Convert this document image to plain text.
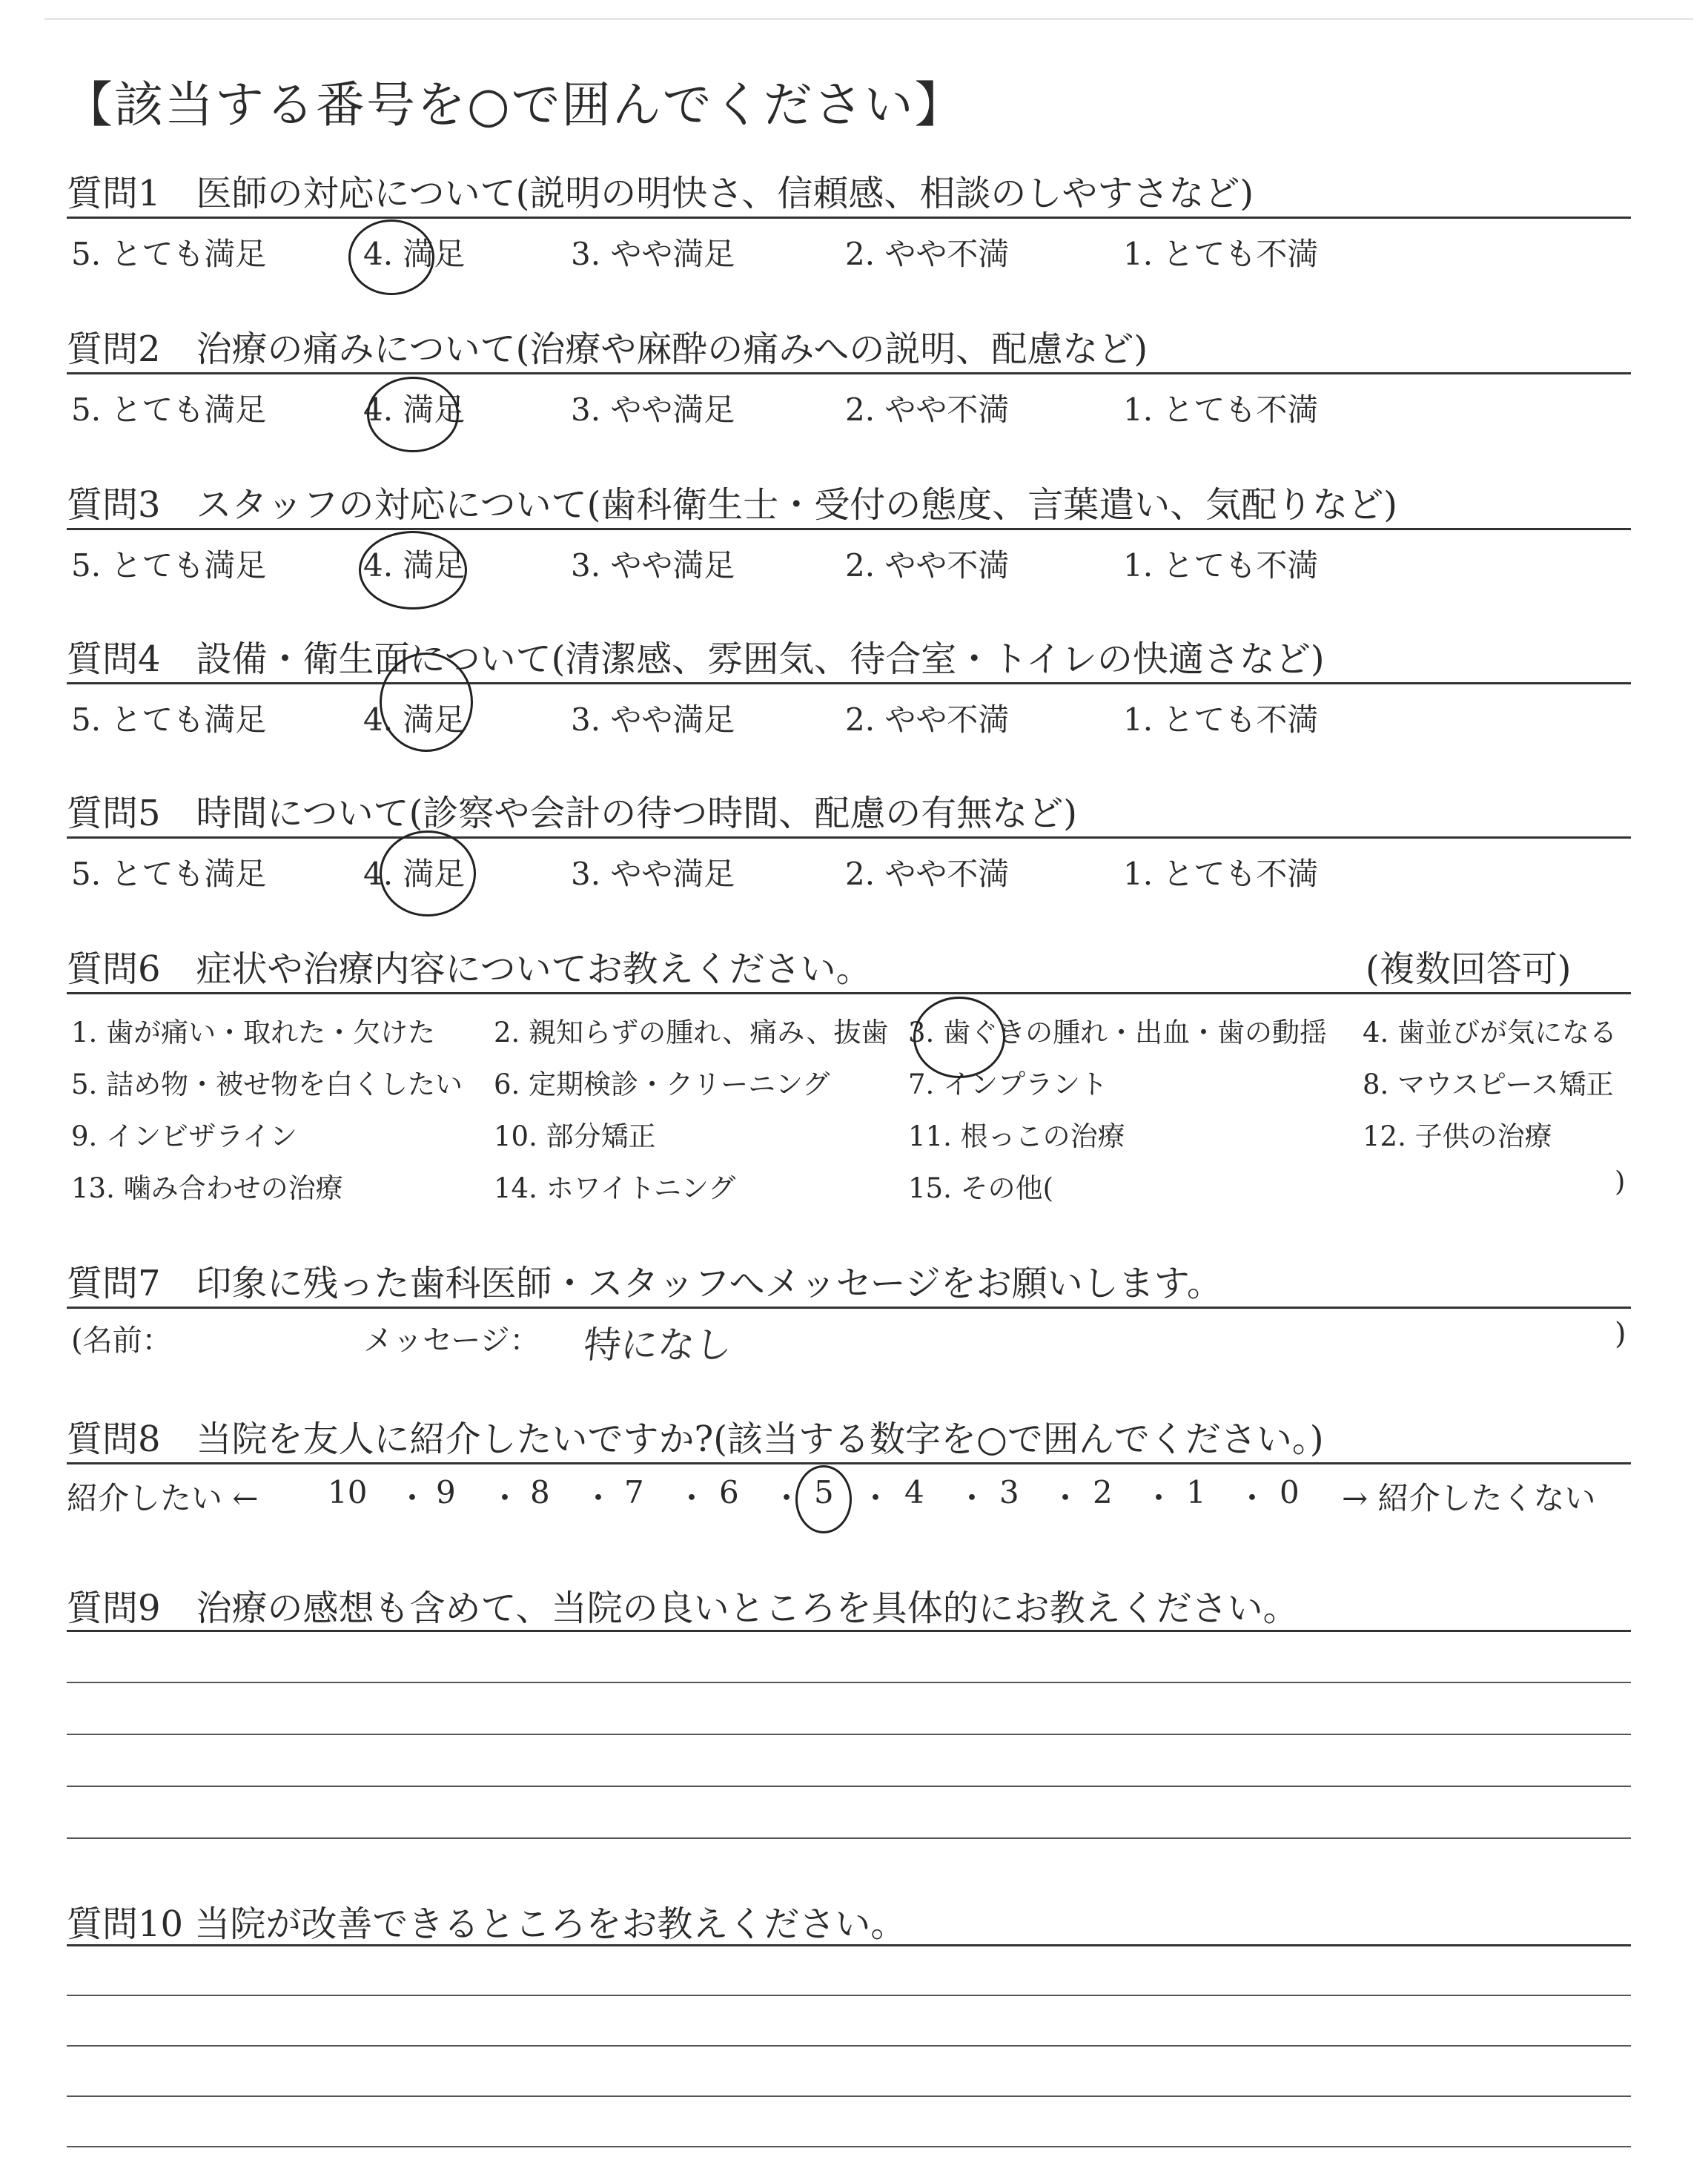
【該当する番号を○で囲んでください】
質問1　医師の対応について(説明の明快さ、信頼感、相談のしやすさなど)
5. とても満足	4. 満足	3. やや満足	2. やや不満	1. とても不満
質問2　治療の痛みについて(治療や麻酔の痛みへの説明、配慮など)
5. とても満足	4. 満足	3. やや満足	2. やや不満	1. とても不満
質問3　スタッフの対応について(歯科衛生士・受付の態度、言葉遣い、気配りなど)
5. とても満足	4. 満足	3. やや満足	2. やや不満	1. とても不満
質問4　設備・衛生面について(清潔感、雰囲気、待合室・トイレの快適さなど)
5. とても満足	4. 満足	3. やや満足	2. やや不満	1. とても不満
質問5　時間について(診察や会計の待つ時間、配慮の有無など)
5. とても満足	4. 満足	3. やや満足	2. やや不満	1. とても不満
質問6　症状や治療内容についてお教えください。	(複数回答可)
1. 歯が痛い・取れた・欠けた 2. 親知らずの腫れ、痛み、抜歯 3. 歯ぐきの腫れ・出血・歯の動揺 4. 歯並びが気になる
5. 詰め物・被せ物を白くしたい 6. 定期検診・クリーニング	7. インプラント	8. マウスピース矯正
9. インビザライン	10. 部分矯正	11. 根っこの治療	12. 子供の治療
13. 噛み合わせの治療	14. ホワイトニング	15. その他(	)
質問7　印象に残った歯科医師・スタッフへメッセージをお願いします。
(名前：	メッセージ： 特になし	)
質問8　当院を友人に紹介したいですか?(該当する数字を○で囲んでください。)
紹介したい ← 10 ・ 9 ・ 8 ・ 7 ・ 6 ・ 5 ・ 4 ・ 3 ・ 2 ・ 1 ・ 0 → 紹介したくない
質問9　治療の感想も含めて、当院の良いところを具体的にお教えください。
質問10 当院が改善できるところをお教えください。
